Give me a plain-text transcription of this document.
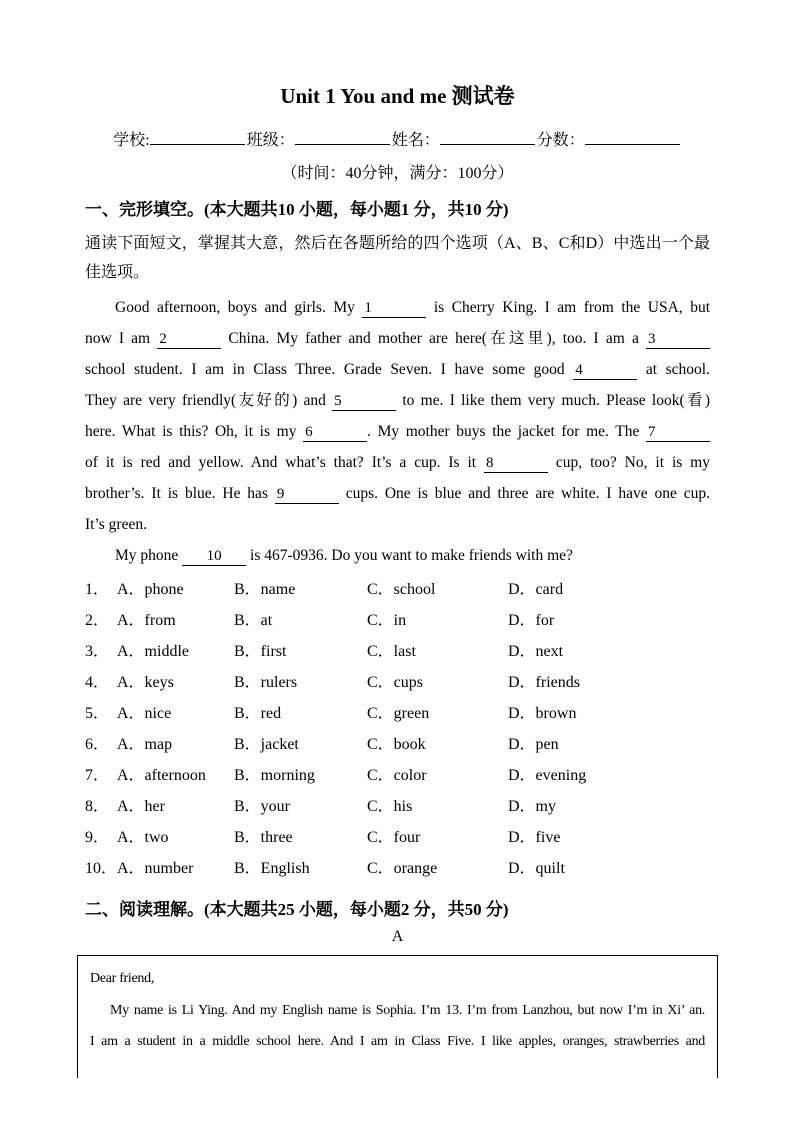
Unit 1 You and me 测试卷
学校:	班级：	姓名：	分数：
（时间：40分钟，满分：100分）
一、完形填空。(本大题共10 小题，每小题1 分，共10 分)

通读下面短文，掌握其大意，然后在各题所给的四个选项（A、B、C和D）中选出一个最佳选项。

Good afternoon, boys and girls. My 1	is Cherry King. I am from the USA, but
now I am 2	China. My father and mother are here(在这里), too. I am a 3
school student. I am in Class Three. Grade Seven. I have some good 4	at school.
They are very friendly(友好的) and 5	to me. I like them very much. Please look(看)
here. What is this? Oh, it is my 6	. My mother buys the jacket for me. The 7
of it is red and yellow. And what’s that? It’s a cup. Is it 8	cup, too? No, it is my
brother’s. It is blue. He has 9	cups. One is blue and three are white. I have one cup.
It’s green.
My phone 10 is 467-0936. Do you want to make friends with me?
1． A．phone	B．name	C．school	D．card
2． A．from	B．at	C．in	D．for
3． A．middle	B．first	C．last	D．next
4． A．keys	B．rulers	C．cups	D．friends
5． A．nice	B．red	C．green	D．brown
6． A．map	B．jacket	C．book	D．pen
7． A．afternoon	B．morning	C．color	D．evening
8． A．her	B．your	C．his	D．my
9． A．two	B．three	C．four	D．five
10． A．number	B．English	C．orange	D．quilt
二、阅读理解。(本大题共25 小题，每小题2 分，共50 分)
A
Dear friend,
My name is Li Ying. And my English name is Sophia. I’m 13. I’m from Lanzhou, but now I’m in Xi’ an.
I am a student in a middle school here. And I am in Class Five. I like apples, oranges, strawberries and
